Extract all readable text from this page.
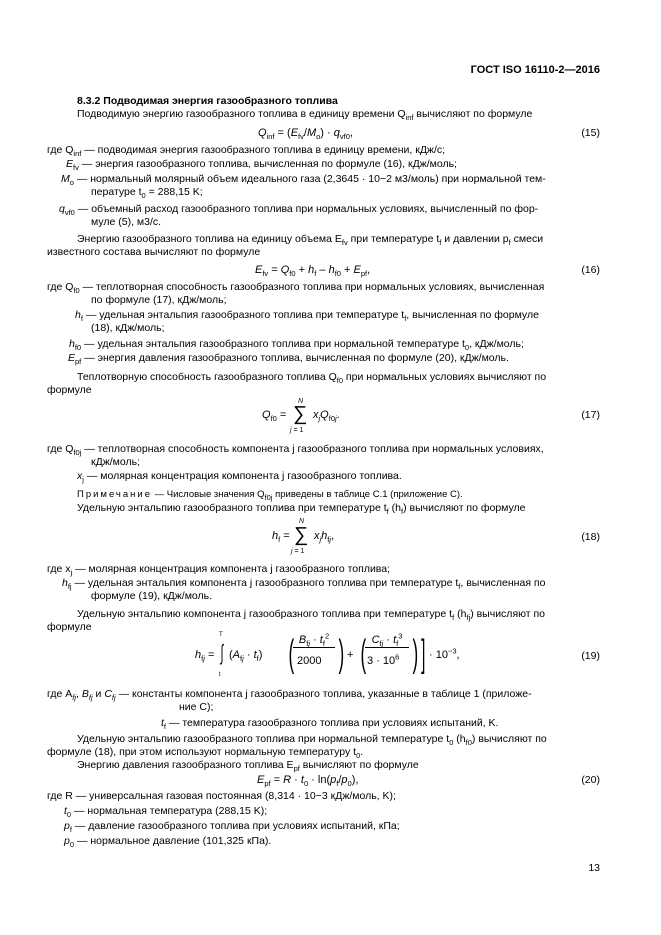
ГОСТ ISO 16110-2—2016
8.3.2 Подводимая энергия газообразного топлива
Подводимую энергию газообразного топлива в единицу времени $Q_{inf}$ вычисляют по формуле
$Q_{inf} = (E_{fv}/M_o) \cdot q_{vf0}$,	(15)
где $Q_{inf}$ — подводимая энергия газообразного топлива в единицу времени, кДж/с;
$E_{fv}$ — энергия газообразного топлива, вычисленная по формуле (16), кДж/моль;
$M_o$ — нормальный молярный объем идеального газа (2,3645 · 10−2 м3/моль) при нормальной тем-
пературе $t_0 = 288,15$ K;
$q_{vf0}$ — объемный расход газообразного топлива при нормальных условиях, вычисленный по фор-
муле (5), м3/с.
Энергию газообразного топлива на единицу объема $E_{fv}$ при температуре $t_f$ и давлении $p_f$ смеси
известного состава вычисляют по формуле
$E_{fv} = Q_{f0} + h_f - h_{f0} + E_{pf}$,	(16)
где $Q_{f0}$ — теплотворная способность газообразного топлива при нормальных условиях, вычисленная
по формуле (17), кДж/моль;
$h_f$ — удельная энтальпия газообразного топлива при температуре $t_f$, вычисленная по формуле
(18), кДж/моль;
$h_{f0}$ — удельная энтальпия газообразного топлива при нормальной температуре $t_0$, кДж/моль;
$E_{pf}$ — энергия давления газообразного топлива, вычисленная по формуле (20), кДж/моль.
Теплотворную способность газообразного топлива $Q_{f0}$ при нормальных условиях вычисляют по
формуле
$Q_{f0}$ =
N
∑
j = 1
$x_jQ_{f0j}$.	(17)
где $Q_{f0j}$ — теплотворная способность компонента j газообразного топлива при нормальных условиях,
кДж/моль;
$x_j$ — молярная концентрация компонента j газообразного топлива.
Примечание — Числовые значения $Q_{f0j}$ приведены в таблице С.1 (приложение С).
Удельную энтальпию газообразного топлива при температуре $t_f$ $(h_f)$ вычисляют по формуле
$h_f$ =
N
∑
j = 1
$x_jh_{fj}$,	(18)
где $x_j$ — молярная концентрация компонента j газообразного топлива;
$h_{fj}$ — удельная энтальпия компонента j газообразного топлива при температуре $t_f$, вычисленная по
формуле (19), кДж/моль.
Удельную энтальпию компонента j газообразного топлива при температуре $t_f$ $(h_{fj})$ вычисляют по
формуле
T
$h_{fj}$ = ∫
t
$(A_{fj} \cdot t_f)$ ( $B_{fj} \cdot t_f^2$
2000 ) + ( $C_{fj} \cdot t_f^3$
$3 \cdot 10^6$ ) ] · $10^{-3}$,	(19)
где $A_{fj}$, $B_{fj}$ и $C_{fj}$ — константы компонента j газообразного топлива, указанные в таблице 1 (приложе-
ние С);
$t_f$ — температура газообразного топлива при условиях испытаний, K.
Удельную энтальпию газообразного топлива при нормальной температуре $t_0$ $(h_{f0})$ вычисляют по
формуле (18), при этом используют нормальную температуру $t_0$.
Энергию давления газообразного топлива $E_{pf}$ вычисляют по формуле
$E_{pf} = R \cdot t_0 \cdot \ln(p_f/p_0)$,	(20)
где R — универсальная газовая постоянная (8,314 · 10−3 кДж/моль, K);
$t_0$ — нормальная температура (288,15 K);
$p_f$ — давление газообразного топлива при условиях испытаний, кПа;
$p_0$ — нормальное давление (101,325 кПа).
13
